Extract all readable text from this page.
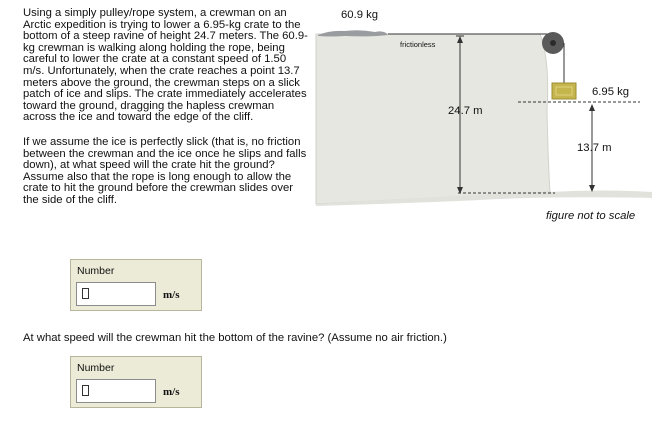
Using a simply pulley/rope system, a crewman on an Arctic expedition is trying to lower a 6.95-kg crate to the bottom of a steep ravine of height 24.7 meters. The 60.9-kg crewman is walking along holding the rope, being careful to lower the crate at a constant speed of 1.50 m/s. Unfortunately, when the crate reaches a point 13.7 meters above the ground, the crewman steps on a slick patch of ice and slips. The crate immediately accelerates toward the ground, dragging the hapless crewman across the ice and toward the edge of the cliff.

If we assume the ice is perfectly slick (that is, no friction between the crewman and the ice once he slips and falls down), at what speed will the crate hit the ground? Assume also that the rope is long enough to allow the crate to hit the ground before the crewman slides over the side of the cliff.

60.9 kg
frictionless
6.95 kg
24.7 m
13.7 m
figure not to scale
Number
m/s
At what speed will the crewman hit the bottom of the ravine? (Assume no air friction.)
Number
m/s
